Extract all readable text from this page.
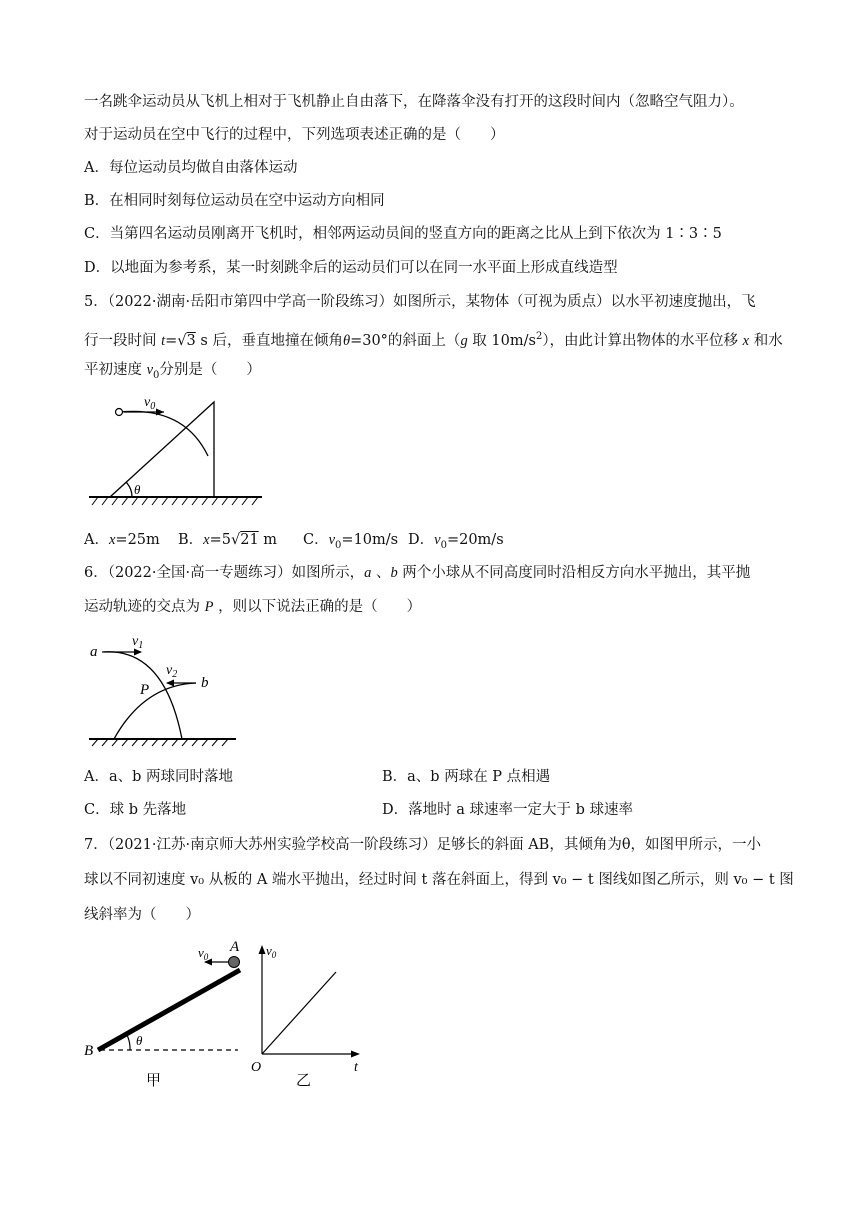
一名跳伞运动员从飞机上相对于飞机静止自由落下，在降落伞没有打开的这段时间内（忽略空气阻力）。
对于运动员在空中飞行的过程中，下列选项表述正确的是（　　）
A．每位运动员均做自由落体运动
B．在相同时刻每位运动员在空中运动方向相同
C．当第四名运动员刚离开飞机时，相邻两运动员间的竖直方向的距离之比从上到下依次为 1∶3∶5
D．以地面为参考系，某一时刻跳伞后的运动员们可以在同一水平面上形成直线造型
5．（2022·湖南·岳阳市第四中学高一阶段练习）如图所示，某物体（可视为质点）以水平初速度抛出，飞
行一段时间 t=√3 s 后，垂直地撞在倾角θ=30°的斜面上（g 取 $10m/s^2$），由此计算出物体的水平位移 x 和水
平初速度 $v_0$分别是（　　）
$v_0$
θ
A．x=25m B．x=5√21 m C．$v_0=10m/s$ D．$v_0=20m/s$
6．（2022·全国·高一专题练习）如图所示，a 、b 两个小球从不同高度同时沿相反方向水平抛出，其平抛
运动轨迹的交点为 P ，则以下说法正确的是（　　）
a
b
P
$v_1$
$v_2$
A．a、b 两球同时落地	B．a、b 两球在 P 点相遇
C．球 b 先落地	D．落地时 a 球速率一定大于 b 球速率
7．（2021·江苏·南京师大苏州实验学校高一阶段练习）足够长的斜面 AB，其倾角为θ，如图甲所示，一小
球以不同初速度 v₀ 从板的 A 端水平抛出，经过时间 t 落在斜面上，得到 v₀ − t 图线如图乙所示，则 v₀ − t 图
线斜率为（　　）
B
A
θ
$v_0$
甲
$v_0$
O	t
乙
